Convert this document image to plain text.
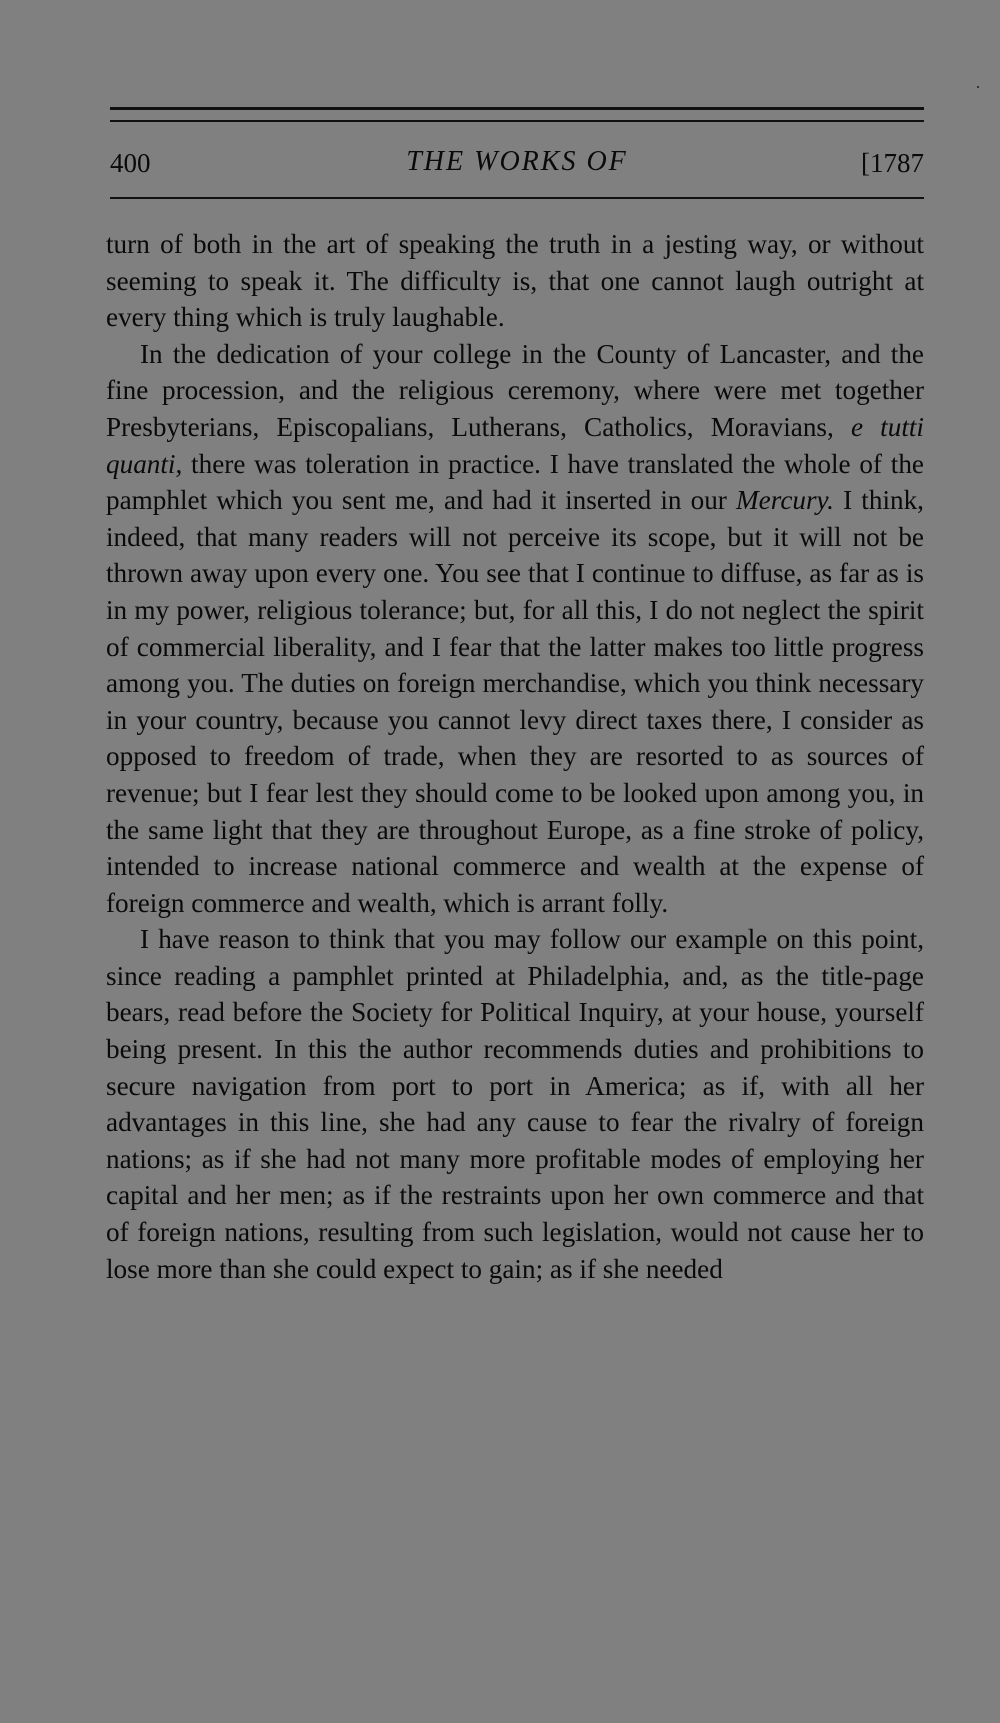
400	THE WORKS OF	[1787

turn of both in the art of speaking the truth in a jesting way, or without seeming to speak it. The difficulty is, that one cannot laugh outright at every thing which is truly laughable.

In the dedication of your college in the County of Lancaster, and the fine procession, and the religious ceremony, where were met together Presbyterians, Episcopalians, Lutherans, Catholics, Moravians, e tutti quanti, there was toleration in practice. I have translated the whole of the pamphlet which you sent me, and had it inserted in our Mercury. I think, indeed, that many readers will not perceive its scope, but it will not be thrown away upon every one. You see that I continue to diffuse, as far as is in my power, religious tolerance; but, for all this, I do not neglect the spirit of commercial liberality, and I fear that the latter makes too little progress among you. The duties on foreign merchandise, which you think necessary in your country, because you cannot levy direct taxes there, I consider as opposed to freedom of trade, when they are resorted to as sources of revenue; but I fear lest they should come to be looked upon among you, in the same light that they are throughout Europe, as a fine stroke of policy, intended to increase national commerce and wealth at the expense of foreign commerce and wealth, which is arrant folly.

I have reason to think that you may follow our example on this point, since reading a pamphlet printed at Philadelphia, and, as the title-page bears, read before the Society for Political Inquiry, at your house, yourself being present. In this the author recommends duties and prohibitions to secure navigation from port to port in America; as if, with all her advantages in this line, she had any cause to fear the rivalry of foreign nations; as if she had not many more profitable modes of employing her capital and her men; as if the restraints upon her own commerce and that of foreign nations, resulting from such legislation, would not cause her to lose more than she could expect to gain; as if she needed
